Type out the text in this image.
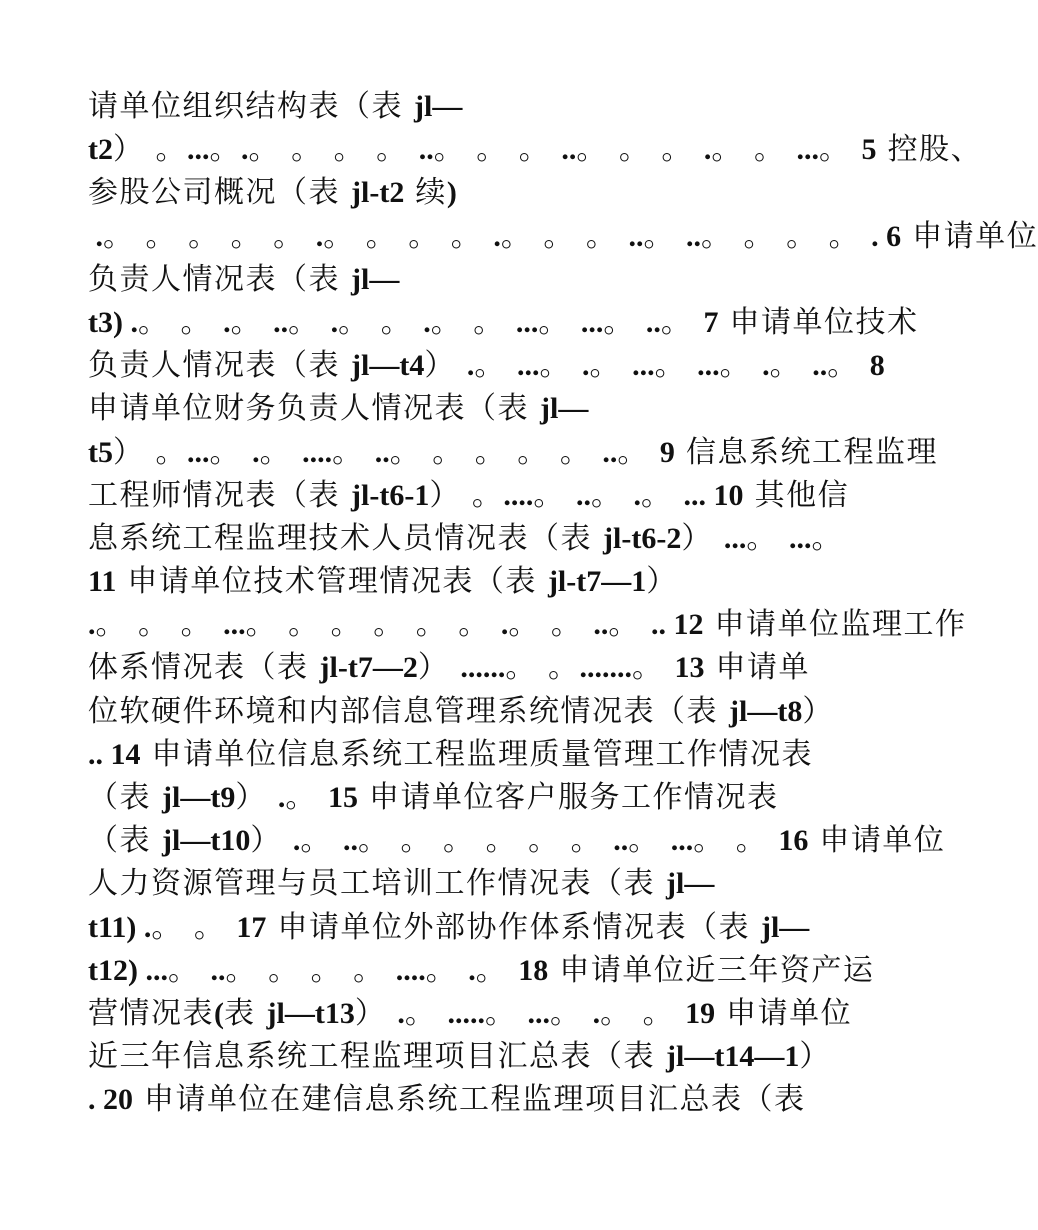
请单位组织结构表（表 jl—
t2） 。...。.。 。 。 。 ..。 。 。 ..。 。 。 .。 。 ...。 5 控股、
参股公司概况（表 jl-t2 续)
.。 。 。 。 。 .。 。 。 。 .。 。 。 ..。 ..。 。 。 。 . 6 申请单位
负责人情况表（表 jl—
t3) .。 。 .。 ..。 .。 。 .。 。 ...。 ...。 ..。 7 申请单位技术
负责人情况表（表 jl—t4） .。 ...。 .。 ...。 ...。 .。 ..。 8
申请单位财务负责人情况表（表 jl—
t5） 。...。 .。 ....。 ..。 。 。 。 。 ..。 9 信息系统工程监理
工程师情况表（表 jl-t6-1） 。....。 ..。 .。 ... 10 其他信
息系统工程监理技术人员情况表（表 jl-t6-2） ...。 ...。
11 申请单位技术管理情况表（表 jl-t7—1）
.。 。 。 ...。 。 。 。 。 。 .。 。 ..。 .. 12 申请单位监理工作
体系情况表（表 jl-t7—2） ......。 。.......。 13 申请单
位软硬件环境和内部信息管理系统情况表（表 jl—t8）
.. 14 申请单位信息系统工程监理质量管理工作情况表
（表 jl—t9） .。 15 申请单位客户服务工作情况表
（表 jl—t10） .。 ..。 。 。 。 。 。 ..。 ...。 。 16 申请单位
人力资源管理与员工培训工作情况表（表 jl—
t11) .。 。 17 申请单位外部协作体系情况表（表 jl—
t12) ...。 ..。 。 。 。 ....。 .。 18 申请单位近三年资产运
营情况表(表 jl—t13） .。 .....。 ...。 .。 。 19 申请单位
近三年信息系统工程监理项目汇总表（表 jl—t14—1）
. 20 申请单位在建信息系统工程监理项目汇总表（表
